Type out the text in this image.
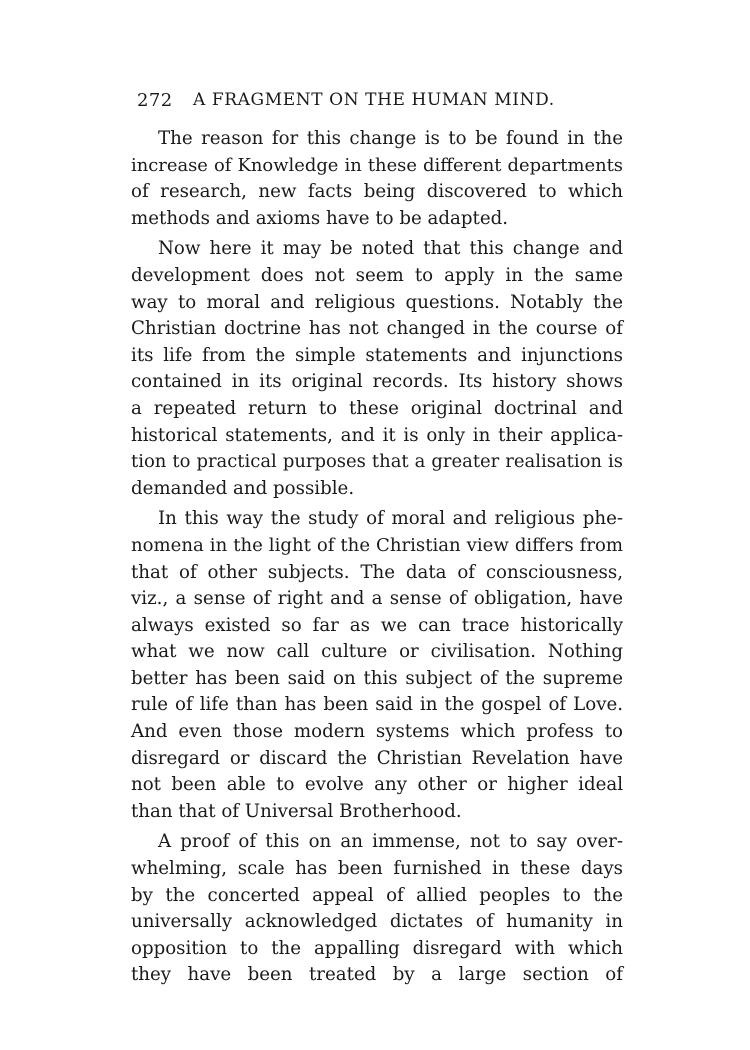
272 A FRAGMENT ON THE HUMAN MIND.
The reason for this change is to be found in the
increase of Knowledge in these different departments
of research, new facts being discovered to which
methods and axioms have to be adapted.
Now here it may be noted that this change and
development does not seem to apply in the same
way to moral and religious questions. Notably the
Christian doctrine has not changed in the course of
its life from the simple statements and injunctions
contained in its original records. Its history shows
a repeated return to these original doctrinal and
historical statements, and it is only in their applica-
tion to practical purposes that a greater realisation is
demanded and possible.
In this way the study of moral and religious phe-
nomena in the light of the Christian view differs from
that of other subjects. The data of consciousness,
viz., a sense of right and a sense of obligation, have
always existed so far as we can trace historically
what we now call culture or civilisation. Nothing
better has been said on this subject of the supreme
rule of life than has been said in the gospel of Love.
And even those modern systems which profess to
disregard or discard the Christian Revelation have
not been able to evolve any other or higher ideal
than that of Universal Brotherhood.
A proof of this on an immense, not to say over-
whelming, scale has been furnished in these days
by the concerted appeal of allied peoples to the
universally acknowledged dictates of humanity in
opposition to the appalling disregard with which
they have been treated by a large section of
